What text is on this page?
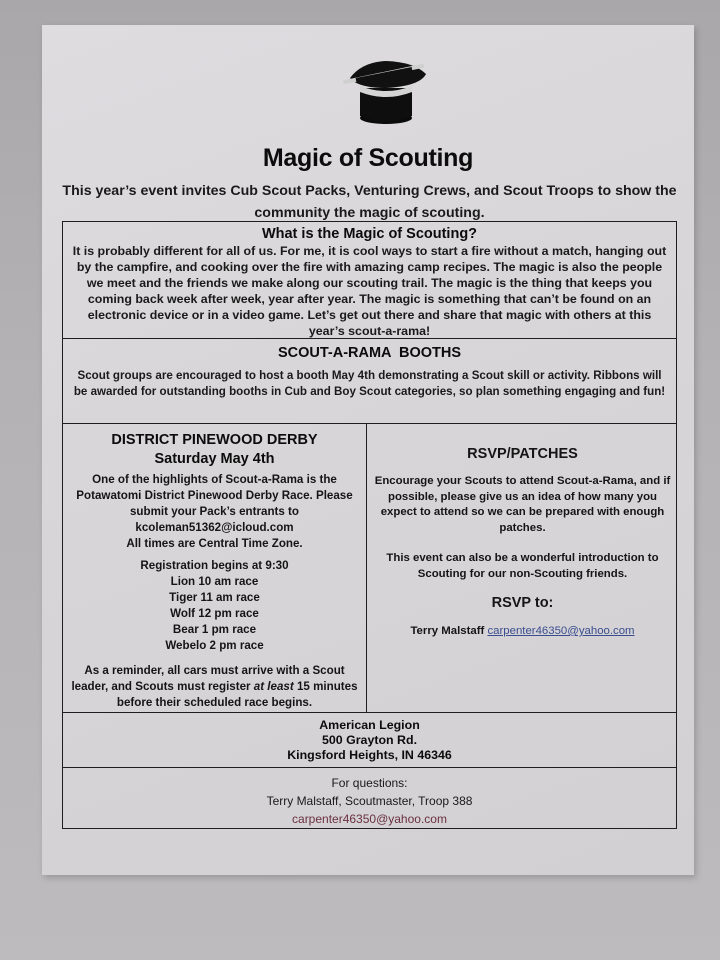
Magic of Scouting
This year’s event invites Cub Scout Packs, Venturing Crews, and Scout Troops to show the community the magic of scouting.
What is the Magic of Scouting?
It is probably different for all of us. For me, it is cool ways to start a fire without a match, hanging out by the campfire, and cooking over the fire with amazing camp recipes. The magic is also the people we meet and the friends we make along our scouting trail. The magic is the thing that keeps you coming back week after week, year after year. The magic is something that can’t be found on an electronic device or in a video game. Let’s get out there and share that magic with others at this year’s scout-a-rama!
SCOUT-A-RAMA  BOOTHS
Scout groups are encouraged to host a booth May 4th demonstrating a Scout skill or activity. Ribbons will be awarded for outstanding booths in Cub and Boy Scout categories, so plan something engaging and fun!
DISTRICT PINEWOOD DERBY
Saturday May 4th
One of the highlights of Scout-a-Rama is the Potawatomi District Pinewood Derby Race. Please submit your Pack’s entrants to
kcoleman51362@icloud.com
All times are Central Time Zone.
Registration begins at 9:30
Lion 10 am race
Tiger 11 am race
Wolf 12 pm race
Bear 1 pm race
Webelo 2 pm race
As a reminder, all cars must arrive with a Scout leader, and Scouts must register at least 15 minutes before their scheduled race begins.
RSVP/PATCHES
Encourage your Scouts to attend Scout-a-Rama, and if possible, please give us an idea of how many you expect to attend so we can be prepared with enough patches.
This event can also be a wonderful introduction to Scouting for our non-Scouting friends.
RSVP to:
Terry Malstaff carpenter46350@yahoo.com
American Legion
500 Grayton Rd.
Kingsford Heights, IN 46346
For questions:
Terry Malstaff, Scoutmaster, Troop 388
carpenter46350@yahoo.com
